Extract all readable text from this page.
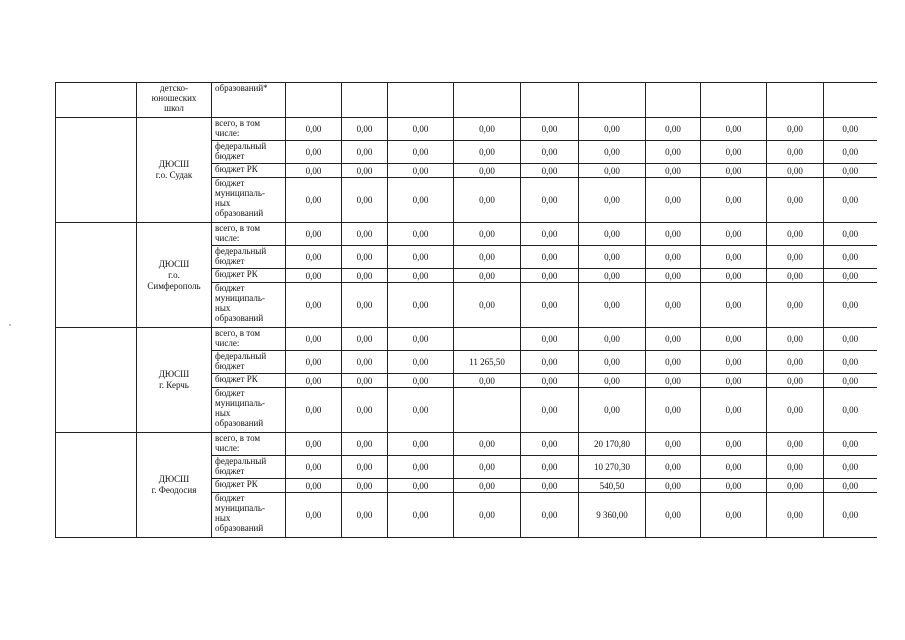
	детско-
юношеских
школ	образований*										
	ДЮСШ
г.о. Судак	всего, в том
числе:	0,00	0,00	0,00	0,00	0,00	0,00	0,00	0,00	0,00	0,00
		федеральный
бюджет	0,00	0,00	0,00	0,00	0,00	0,00	0,00	0,00	0,00	0,00
		бюджет РК	0,00	0,00	0,00	0,00	0,00	0,00	0,00	0,00	0,00	0,00
		бюджет
муниципаль-
ных
образований	0,00	0,00	0,00	0,00	0,00	0,00	0,00	0,00	0,00	0,00
	ДЮСШ
г.о.
Симферополь	всего, в том
числе:	0,00	0,00	0,00	0,00	0,00	0,00	0,00	0,00	0,00	0,00
		федеральный
бюджет	0,00	0,00	0,00	0,00	0,00	0,00	0,00	0,00	0,00	0,00
		бюджет РК	0,00	0,00	0,00	0,00	0,00	0,00	0,00	0,00	0,00	0,00
		бюджет
муниципаль-
ных
образований	0,00	0,00	0,00	0,00	0,00	0,00	0,00	0,00	0,00	0,00
	ДЮСШ
г. Керчь	всего, в том
числе:	0,00	0,00	0,00		0,00	0,00	0,00	0,00	0,00	0,00
		федеральный
бюджет	0,00	0,00	0,00	11 265,50	0,00	0,00	0,00	0,00	0,00	0,00
		бюджет РК	0,00	0,00	0,00	0,00	0,00	0,00	0,00	0,00	0,00	0,00
		бюджет
муниципаль-
ных
образований	0,00	0,00	0,00		0,00	0,00	0,00	0,00	0,00	0,00
	ДЮСШ
г. Феодосия	всего, в том
числе:	0,00	0,00	0,00	0,00	0,00	20 170,80	0,00	0,00	0,00	0,00
		федеральный
бюджет	0,00	0,00	0,00	0,00	0,00	10 270,30	0,00	0,00	0,00	0,00
		бюджет РК	0,00	0,00	0,00	0,00	0,00	540,50	0,00	0,00	0,00	0,00
		бюджет
муниципаль-
ных
образований	0,00	0,00	0,00	0,00	0,00	9 360,00	0,00	0,00	0,00	0,00
